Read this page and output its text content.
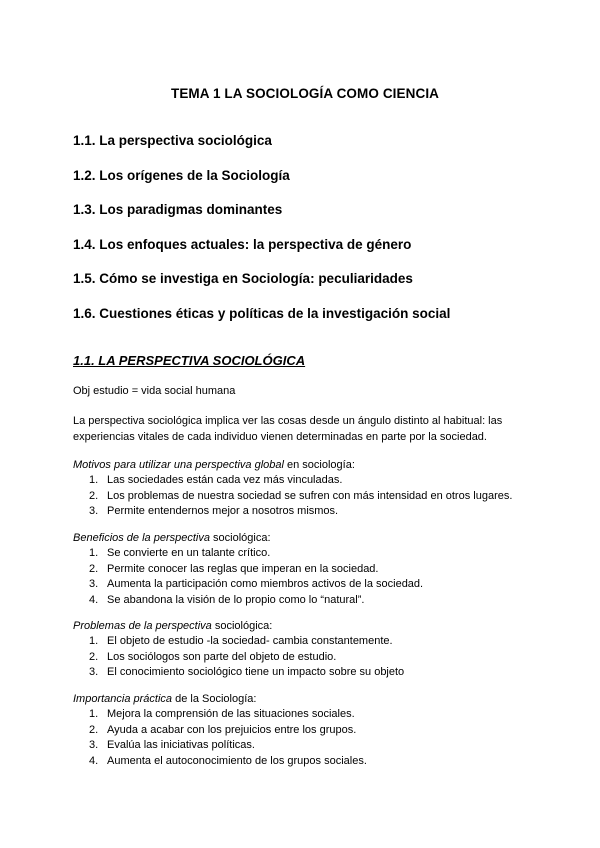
TEMA 1 LA SOCIOLOGÍA COMO CIENCIA
1.1. La perspectiva sociológica
1.2. Los orígenes de la Sociología
1.3. Los paradigmas dominantes
1.4. Los enfoques actuales: la perspectiva de género
1.5. Cómo se investiga en Sociología: peculiaridades
1.6. Cuestiones éticas y políticas de la investigación social
1.1. LA PERSPECTIVA SOCIOLÓGICA
Obj estudio = vida social humana
La perspectiva sociológica implica ver las cosas desde un ángulo distinto al habitual: las experiencias vitales de cada individuo vienen determinadas en parte por la sociedad.
Motivos para utilizar una perspectiva global en sociología:
1. Las sociedades están cada vez más vinculadas.
2. Los problemas de nuestra sociedad se sufren con más intensidad en otros lugares.
3. Permite entendernos mejor a nosotros mismos.
Beneficios de la perspectiva sociológica:
1. Se convierte en un talante crítico.
2. Permite conocer las reglas que imperan en la sociedad.
3. Aumenta la participación como miembros activos de la sociedad.
4. Se abandona la visión de lo propio como lo “natural”.
Problemas de la perspectiva sociológica:
1. El objeto de estudio -la sociedad- cambia constantemente.
2. Los sociólogos son parte del objeto de estudio.
3. El conocimiento sociológico tiene un impacto sobre su objeto
Importancia práctica de la Sociología:
1. Mejora la comprensión de las situaciones sociales.
2. Ayuda a acabar con los prejuicios entre los grupos.
3. Evalúa las iniciativas políticas.
4. Aumenta el autoconocimiento de los grupos sociales.
